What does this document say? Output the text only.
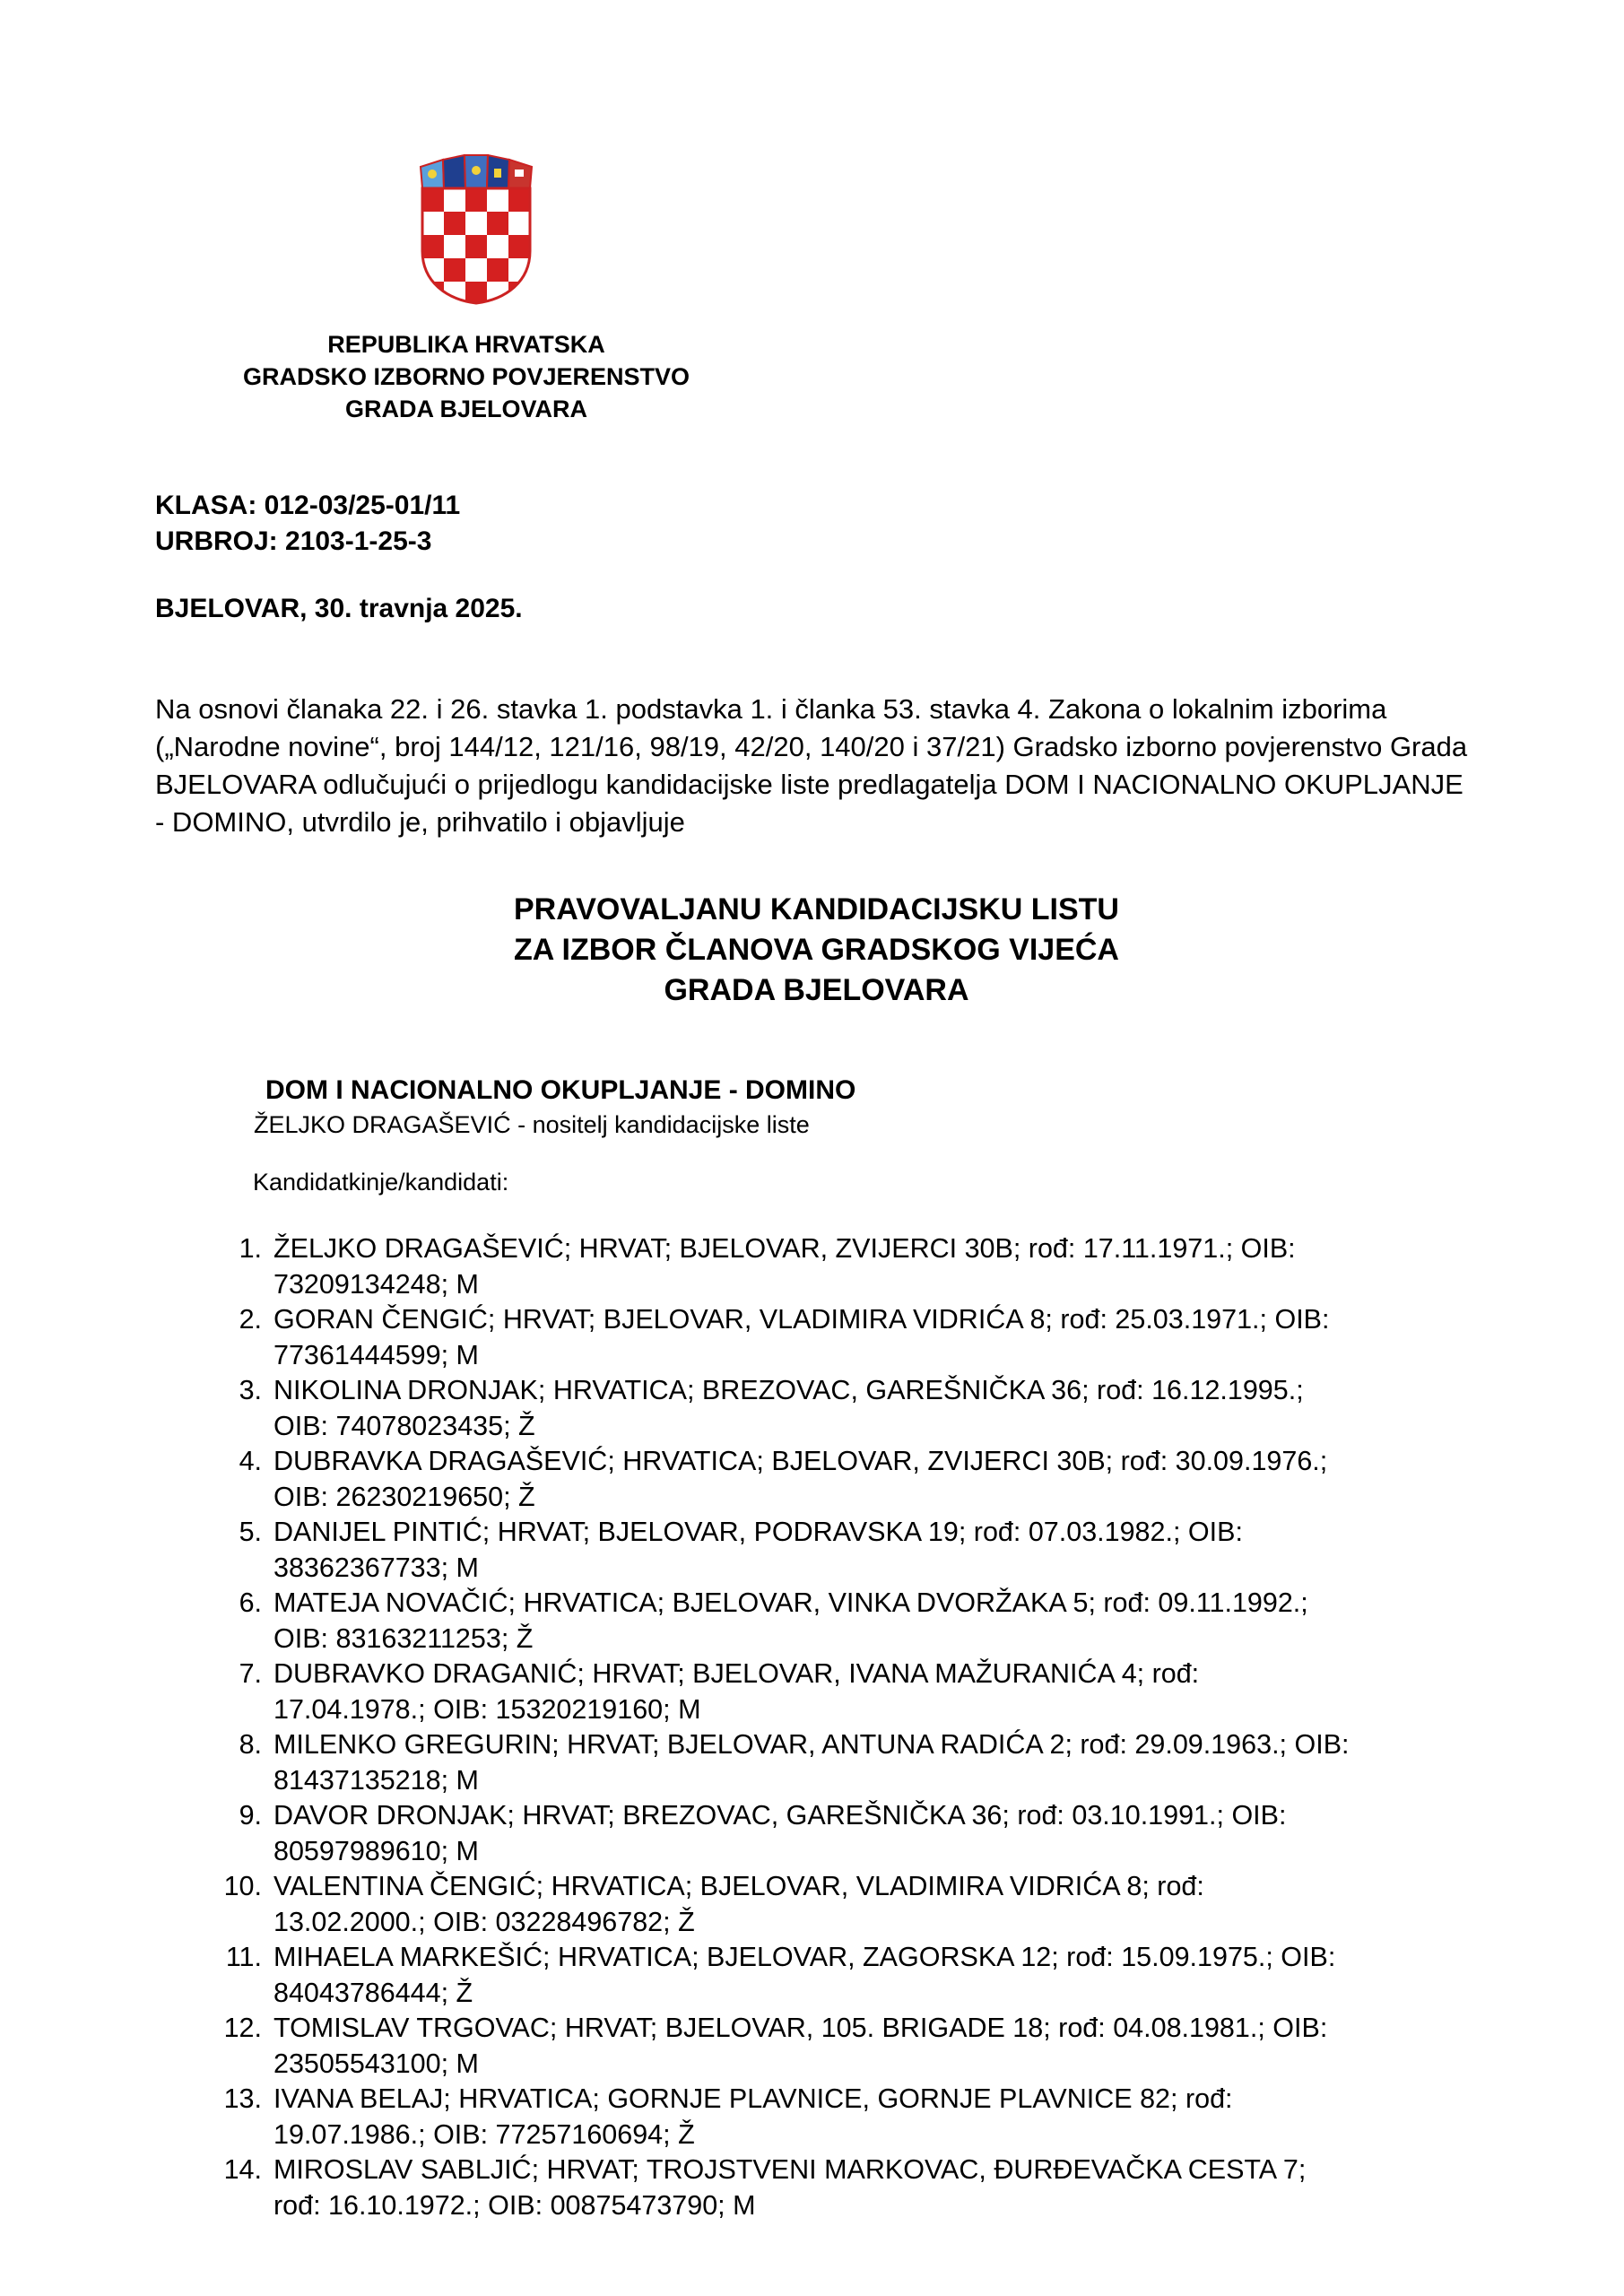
REPUBLIKA HRVATSKA
GRADSKO IZBORNO POVJERENSTVO
GRADA BJELOVARA
KLASA: 012-03/25-01/11
URBROJ: 2103-1-25-3
BJELOVAR, 30. travnja 2025.
Na osnovi članaka 22. i 26. stavka 1. podstavka 1. i članka 53. stavka 4. Zakona o lokalnim izborima („Narodne novine“, broj 144/12, 121/16, 98/19, 42/20, 140/20 i 37/21) Gradsko izborno povjerenstvo Grada BJELOVARA odlučujući o prijedlogu kandidacijske liste predlagatelja DOM I NACIONALNO OKUPLJANJE - DOMINO, utvrdilo je, prihvatilo i objavljuje
PRAVOVALJANU KANDIDACIJSKU LISTU
ZA IZBOR ČLANOVA GRADSKOG VIJEĆA
GRADA BJELOVARA
DOM I NACIONALNO OKUPLJANJE - DOMINO
ŽELJKO DRAGAŠEVIĆ - nositelj kandidacijske liste
Kandidatkinje/kandidati:
1. ŽELJKO DRAGAŠEVIĆ; HRVAT; BJELOVAR, ZVIJERCI 30B; rođ: 17.11.1971.; OIB:
73209134248; M
2. GORAN ČENGIĆ; HRVAT; BJELOVAR, VLADIMIRA VIDRIĆA 8; rođ: 25.03.1971.; OIB:
77361444599; M
3. NIKOLINA DRONJAK; HRVATICA; BREZOVAC, GAREŠNIČKA 36; rođ: 16.12.1995.;
OIB: 74078023435; Ž
4. DUBRAVKA DRAGAŠEVIĆ; HRVATICA; BJELOVAR, ZVIJERCI 30B; rođ: 30.09.1976.;
OIB: 26230219650; Ž
5. DANIJEL PINTIĆ; HRVAT; BJELOVAR, PODRAVSKA 19; rođ: 07.03.1982.; OIB:
38362367733; M
6. MATEJA NOVAČIĆ; HRVATICA; BJELOVAR, VINKA DVORŽAKA 5; rođ: 09.11.1992.;
OIB: 83163211253; Ž
7. DUBRAVKO DRAGANIĆ; HRVAT; BJELOVAR, IVANA MAŽURANIĆA 4; rođ:
17.04.1978.; OIB: 15320219160; M
8. MILENKO GREGURIN; HRVAT; BJELOVAR, ANTUNA RADIĆA 2; rođ: 29.09.1963.; OIB:
81437135218; M
9. DAVOR DRONJAK; HRVAT; BREZOVAC, GAREŠNIČKA 36; rođ: 03.10.1991.; OIB:
80597989610; M
10. VALENTINA ČENGIĆ; HRVATICA; BJELOVAR, VLADIMIRA VIDRIĆA 8; rođ:
13.02.2000.; OIB: 03228496782; Ž
11. MIHAELA MARKEŠIĆ; HRVATICA; BJELOVAR, ZAGORSKA 12; rođ: 15.09.1975.; OIB:
84043786444; Ž
12. TOMISLAV TRGOVAC; HRVAT; BJELOVAR, 105. BRIGADE 18; rođ: 04.08.1981.; OIB:
23505543100; M
13. IVANA BELAJ; HRVATICA; GORNJE PLAVNICE, GORNJE PLAVNICE 82; rođ:
19.07.1986.; OIB: 77257160694; Ž
14. MIROSLAV SABLJIĆ; HRVAT; TROJSTVENI MARKOVAC, ĐURĐEVAČKA CESTA 7;
rođ: 16.10.1972.; OIB: 00875473790; M
